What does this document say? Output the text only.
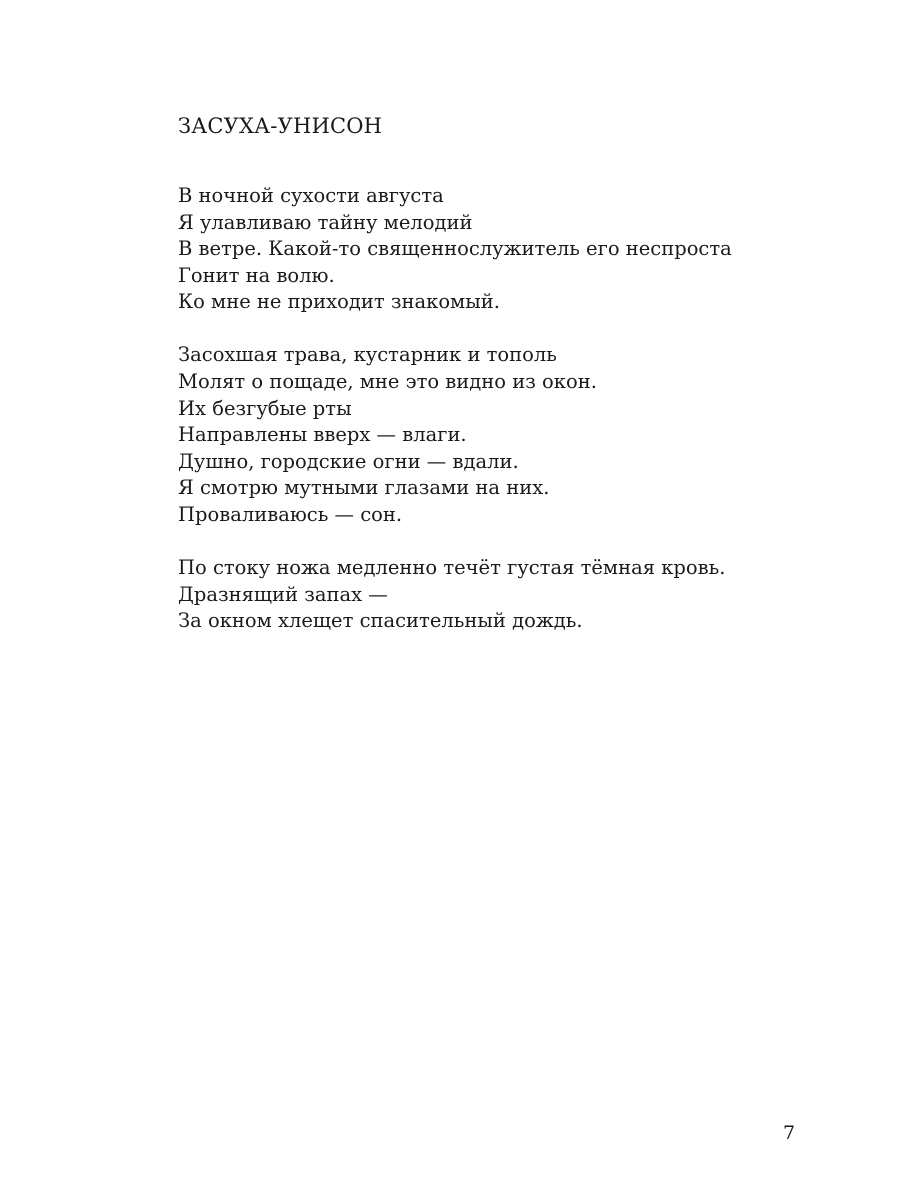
ЗАСУХА-УНИСОН
В ночной сухости августа
Я улавливаю тайну мелодий
В ветре. Какой-то священнослужитель его неспроста
Гонит на волю.
Ко мне не приходит знакомый.
Засохшая трава, кустарник и тополь
Молят о пощаде, мне это видно из окон.
Их безгубые рты
Направлены вверх — влаги.
Душно, городские огни — вдали.
Я смотрю мутными глазами на них.
Проваливаюсь — сон.
По стоку ножа медленно течёт густая тёмная кровь.
Дразнящий запах —
За окном хлещет спасительный дождь.
7
